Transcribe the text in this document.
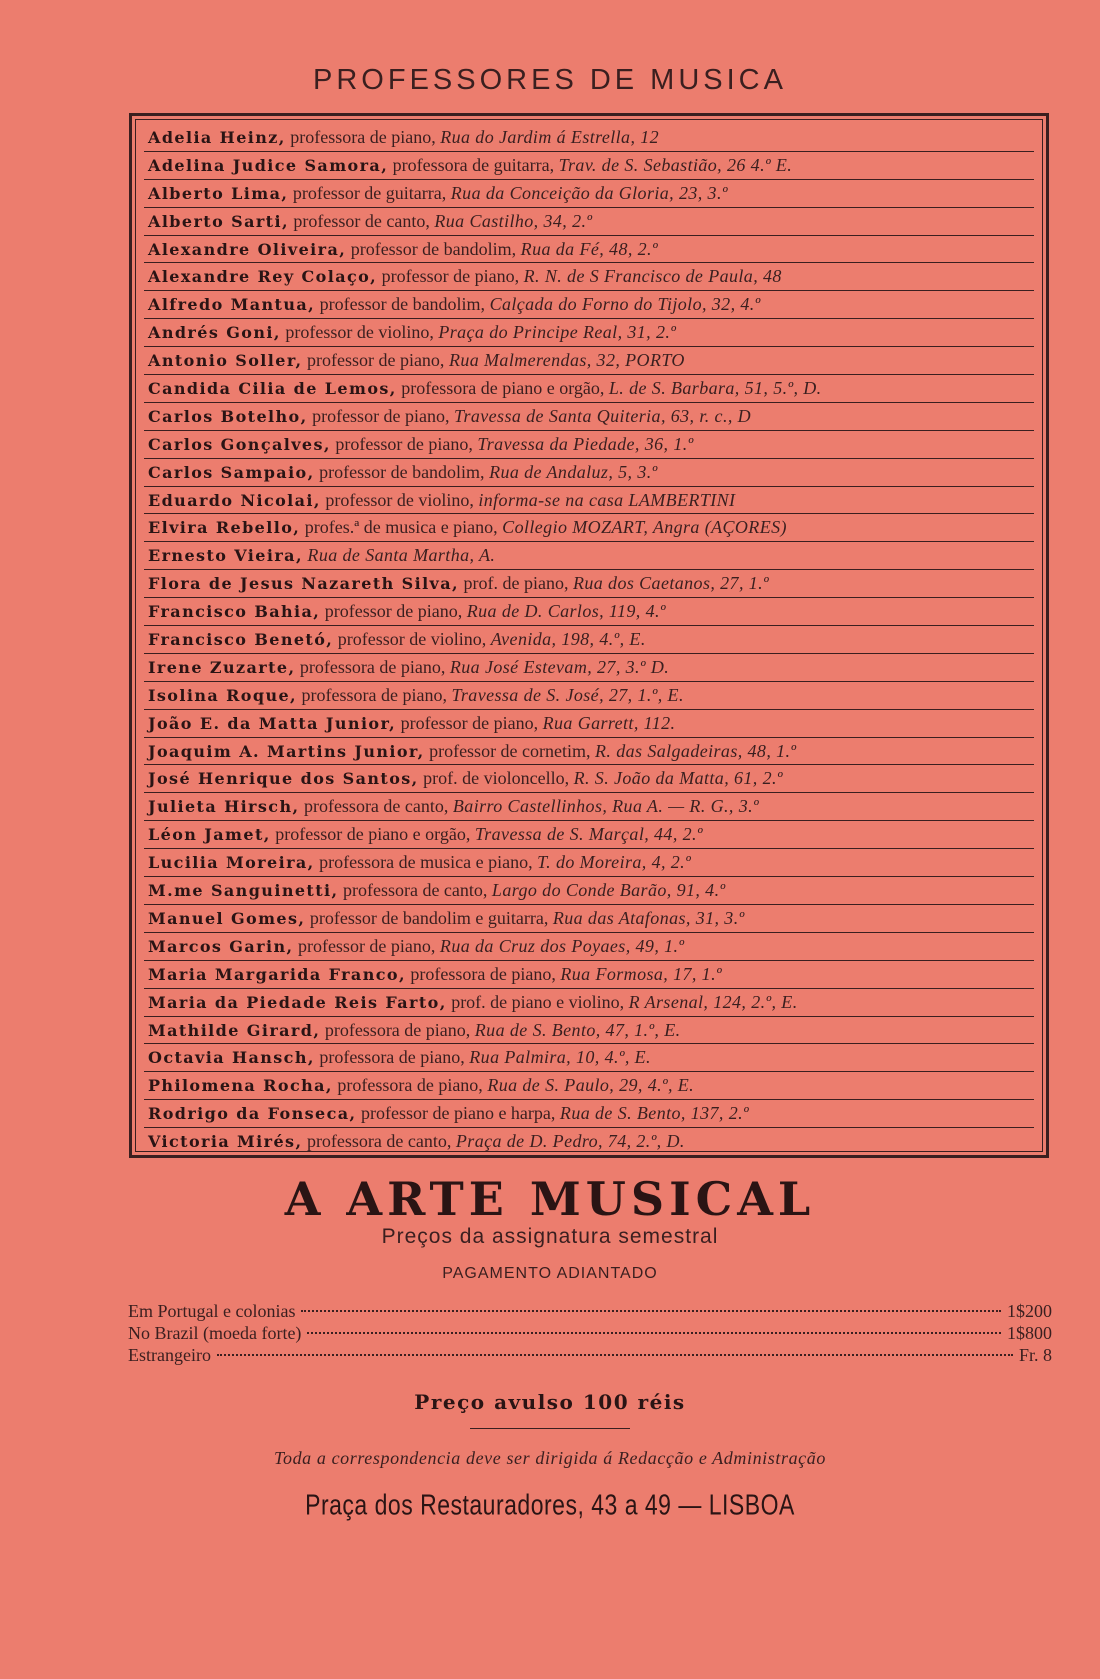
PROFESSORES DE MUSICA
Adelia Heinz, professora de piano, Rua do Jardim á Estrella, 12
Adelina Judice Samora, professora de guitarra, Trav. de S. Sebastião, 26 4.º E.
Alberto Lima, professor de guitarra, Rua da Conceição da Gloria, 23, 3.º
Alberto Sarti, professor de canto, Rua Castilho, 34, 2.º
Alexandre Oliveira, professor de bandolim, Rua da Fé, 48, 2.º
Alexandre Rey Colaço, professor de piano, R. N. de S Francisco de Paula, 48
Alfredo Mantua, professor de bandolim, Calçada do Forno do Tijolo, 32, 4.º
Andrés Goni, professor de violino, Praça do Principe Real, 31, 2.º
Antonio Soller, professor de piano, Rua Malmerendas, 32, PORTO
Candida Cilia de Lemos, professora de piano e orgão, L. de S. Barbara, 51, 5.º, D.
Carlos Botelho, professor de piano, Travessa de Santa Quiteria, 63, r. c., D
Carlos Gonçalves, professor de piano, Travessa da Piedade, 36, 1.º
Carlos Sampaio, professor de bandolim, Rua de Andaluz, 5, 3.º
Eduardo Nicolai, professor de violino, informa-se na casa LAMBERTINI
Elvira Rebello, profes.ª de musica e piano, Collegio MOZART, Angra (AÇORES)
Ernesto Vieira, Rua de Santa Martha, A.
Flora de Jesus Nazareth Silva, prof. de piano, Rua dos Caetanos, 27, 1.º
Francisco Bahia, professor de piano, Rua de D. Carlos, 119, 4.º
Francisco Benetó, professor de violino, Avenida, 198, 4.º, E.
Irene Zuzarte, professora de piano, Rua José Estevam, 27, 3.º D.
Isolina Roque, professora de piano, Travessa de S. José, 27, 1.º, E.
João E. da Matta Junior, professor de piano, Rua Garrett, 112.
Joaquim A. Martins Junior, professor de cornetim, R. das Salgadeiras, 48, 1.º
José Henrique dos Santos, prof. de violoncello, R. S. João da Matta, 61, 2.º
Julieta Hirsch, professora de canto, Bairro Castellinhos, Rua A. — R. G., 3.º
Léon Jamet, professor de piano e orgão, Travessa de S. Marçal, 44, 2.º
Lucilia Moreira, professora de musica e piano, T. do Moreira, 4, 2.º
M.me Sanguinetti, professora de canto, Largo do Conde Barão, 91, 4.º
Manuel Gomes, professor de bandolim e guitarra, Rua das Atafonas, 31, 3.º
Marcos Garin, professor de piano, Rua da Cruz dos Poyaes, 49, 1.º
Maria Margarida Franco, professora de piano, Rua Formosa, 17, 1.º
Maria da Piedade Reis Farto, prof. de piano e violino, R Arsenal, 124, 2.º, E.
Mathilde Girard, professora de piano, Rua de S. Bento, 47, 1.º, E.
Octavia Hansch, professora de piano, Rua Palmira, 10, 4.º, E.
Philomena Rocha, professora de piano, Rua de S. Paulo, 29, 4.º, E.
Rodrigo da Fonseca, professor de piano e harpa, Rua de S. Bento, 137, 2.º
Victoria Mirés, professora de canto, Praça de D. Pedro, 74, 2.º, D.
A ARTE MUSICAL
Preços da assignatura semestral
PAGAMENTO ADIANTADO
Em Portugal e colonias	1$200
No Brazil (moeda forte)	1$800
Estrangeiro	Fr. 8
Preço avulso 100 réis
Toda a correspondencia deve ser dirigida á Redacção e Administração
Praça dos Restauradores, 43 a 49 — LISBOA
